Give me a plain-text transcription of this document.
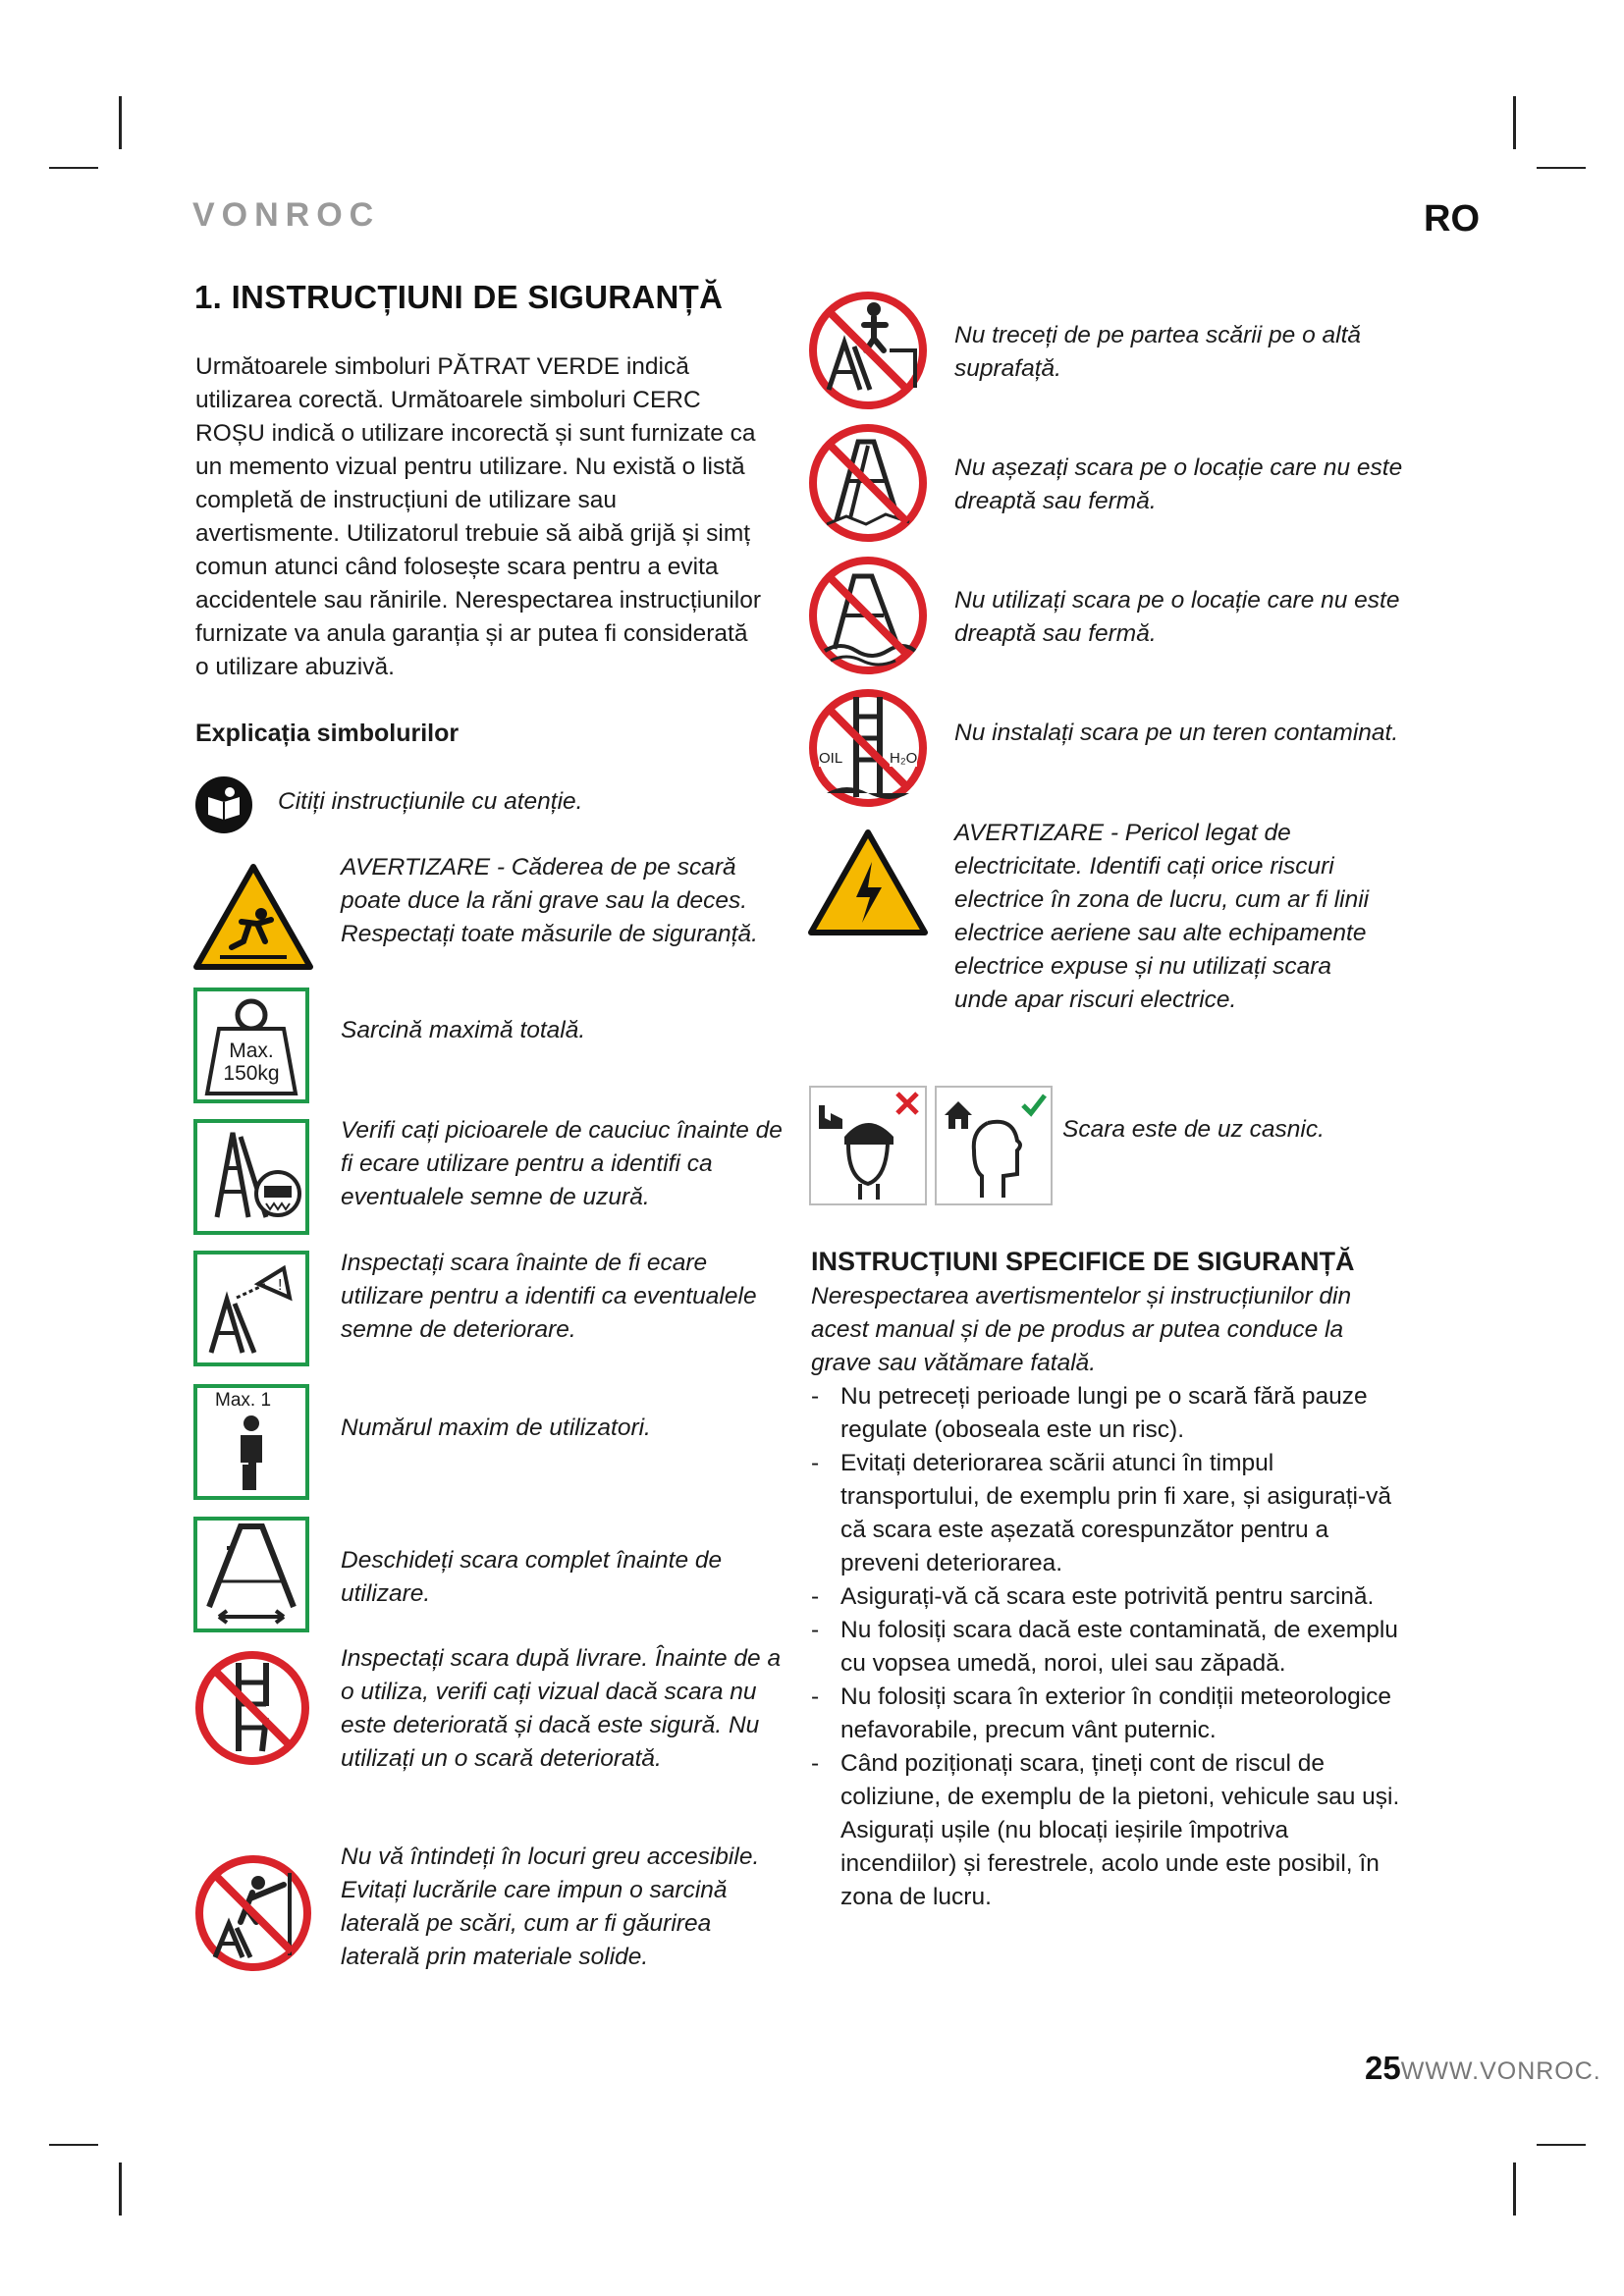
VONROC	RO
1. INSTRUCȚIUNI DE SIGURANȚĂ

Următoarele simboluri PĂTRAT VERDE indică utilizarea corectă. Următoarele simboluri CERC ROȘU indică o utilizare incorectă și sunt furnizate ca un memento vizual pentru utilizare. Nu există o listă completă de instrucțiuni de utilizare sau avertismente. Utilizatorul trebuie să aibă grijă și simț comun atunci când folosește scara pentru a evita accidentele sau rănirile. Nerespectarea instrucțiunilor furnizate va anula garanția și ar putea fi considerată o utilizare abuzivă.

Explicația simbolurilor

Citiți instrucțiunile cu atenție.

AVERTIZARE - Căderea de pe scară poate duce la răni grave sau la deces. Respectați toate măsurile de siguranță.

Max.
150kg

Sarcină maximă totală.

Verifi cați picioarele de cauciuc înainte de fi ecare utilizare pentru a identifi ca eventualele semne de uzură.

!

Inspectați scara înainte de fi ecare utilizare pentru a identifi ca eventualele semne de deteriorare.

Max. 1

Numărul maxim de utilizatori.

Deschideți scara complet înainte de utilizare.

Inspectați scara după livrare. Înainte de a o utiliza, verifi cați vizual dacă scara nu este deteriorată și dacă este sigură. Nu utilizați un o scară deteriorată.

Nu vă întindeți în locuri greu accesibile. Evitați lucrările care impun o sarcină laterală pe scări, cum ar fi găurirea laterală prin materiale solide.

Nu treceți de pe partea scării pe o altă suprafață.

Nu așezați scara pe o locație care nu este dreaptă sau fermă.

Nu utilizați scara pe o locație care nu este dreaptă sau fermă.

OIL	H₂O

Nu instalați scara pe un teren contaminat.

AVERTIZARE - Pericol legat de electricitate. Identifi cați orice riscuri electrice în zona de lucru, cum ar fi linii electrice aeriene sau alte echipamente electrice expuse și nu utilizați scara unde apar riscuri electrice.

Scara este de uz casnic.

INSTRUCȚIUNI SPECIFICE DE SIGURANȚĂ

Nerespectarea avertismentelor și instrucțiunilor din acest manual și de pe produs ar putea conduce la grave sau vătămare fatală.

- Nu petreceți perioade lungi pe o scară fără pauze regulate (oboseala este un risc).
- Evitați deteriorarea scării atunci în timpul transportului, de exemplu prin fi xare, și asigurați-vă că scara este așezată corespunzător pentru a preveni deteriorarea.
- Asigurați-vă că scara este potrivită pentru sarcină.
- Nu folosiți scara dacă este contaminată, de exemplu cu vopsea umedă, noroi, ulei sau zăpadă.
- Nu folosiți scara în exterior în condiții meteorologice nefavorabile, precum vânt puternic.
- Când poziționați scara, țineți cont de riscul de coliziune, de exemplu de la pietoni, vehicule sau uși. Asigurați ușile (nu blocați ieșirile împotriva incendiilor) și ferestrele, acolo unde este posibil, în zona de lucru.
25WWW.VONROC.
